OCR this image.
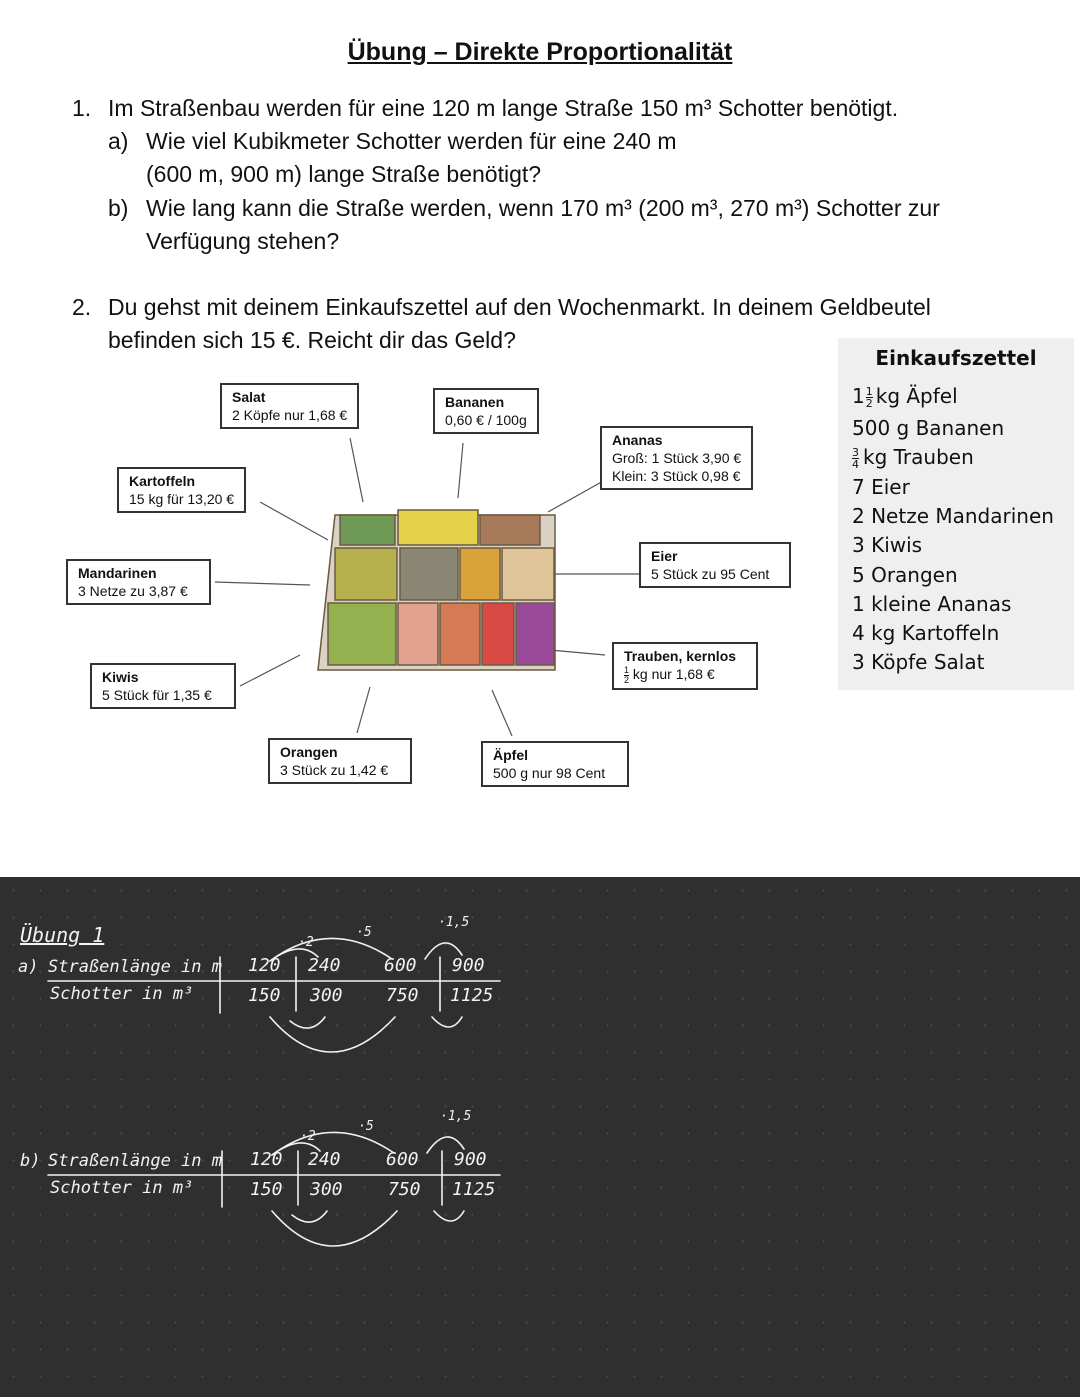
Übung – Direkte Proportionalität
1. Im Straßenbau werden für eine 120 m lange Straße 150 m³ Schotter benötigt.
a) Wie viel Kubikmeter Schotter werden für eine 240 m
(600 m, 900 m) lange Straße benötigt?
b) Wie lang kann die Straße werden, wenn 170 m³ (200 m³, 270 m³) Schotter zur
Verfügung stehen?
2. Du gehst mit deinem Einkaufszettel auf den Wochenmarkt. In deinem Geldbeutel
befinden sich 15 €. Reicht dir das Geld?
Salat
2 Köpfe nur 1,68 €
Bananen
0,60 € / 100g
Ananas
Groß: 1 Stück 3,90 €
Klein: 3 Stück 0,98 €
Kartoffeln
15 kg für 13,20 €
Eier
5 Stück zu 95 Cent
Mandarinen
3 Netze zu 3,87 €
Trauben, kernlos
$\frac{1}{2}$ kg nur 1,68 €
Kiwis
5 Stück für 1,35 €
Orangen
3 Stück zu 1,42 €
Äpfel
500 g nur 98 Cent
Einkaufszettel
$1 \frac{1}{2}$ kg Äpfel
500 g Bananen
$\frac{3}{4}$ kg Trauben
7 Eier
2 Netze Mandarinen
3 Kiwis
5 Orangen
1 kleine Ananas
4 kg Kartoffeln
3 Köpfe Salat
Übung 1
a) Straßenlänge in m
Schotter in m³
120 240 600 900
150 300 750 1125
·2
·5
·1,5
b) Straßenlänge in m
Schotter in m³
120 240	600 900
150 300	750 1125
·2
·5
·1,5
